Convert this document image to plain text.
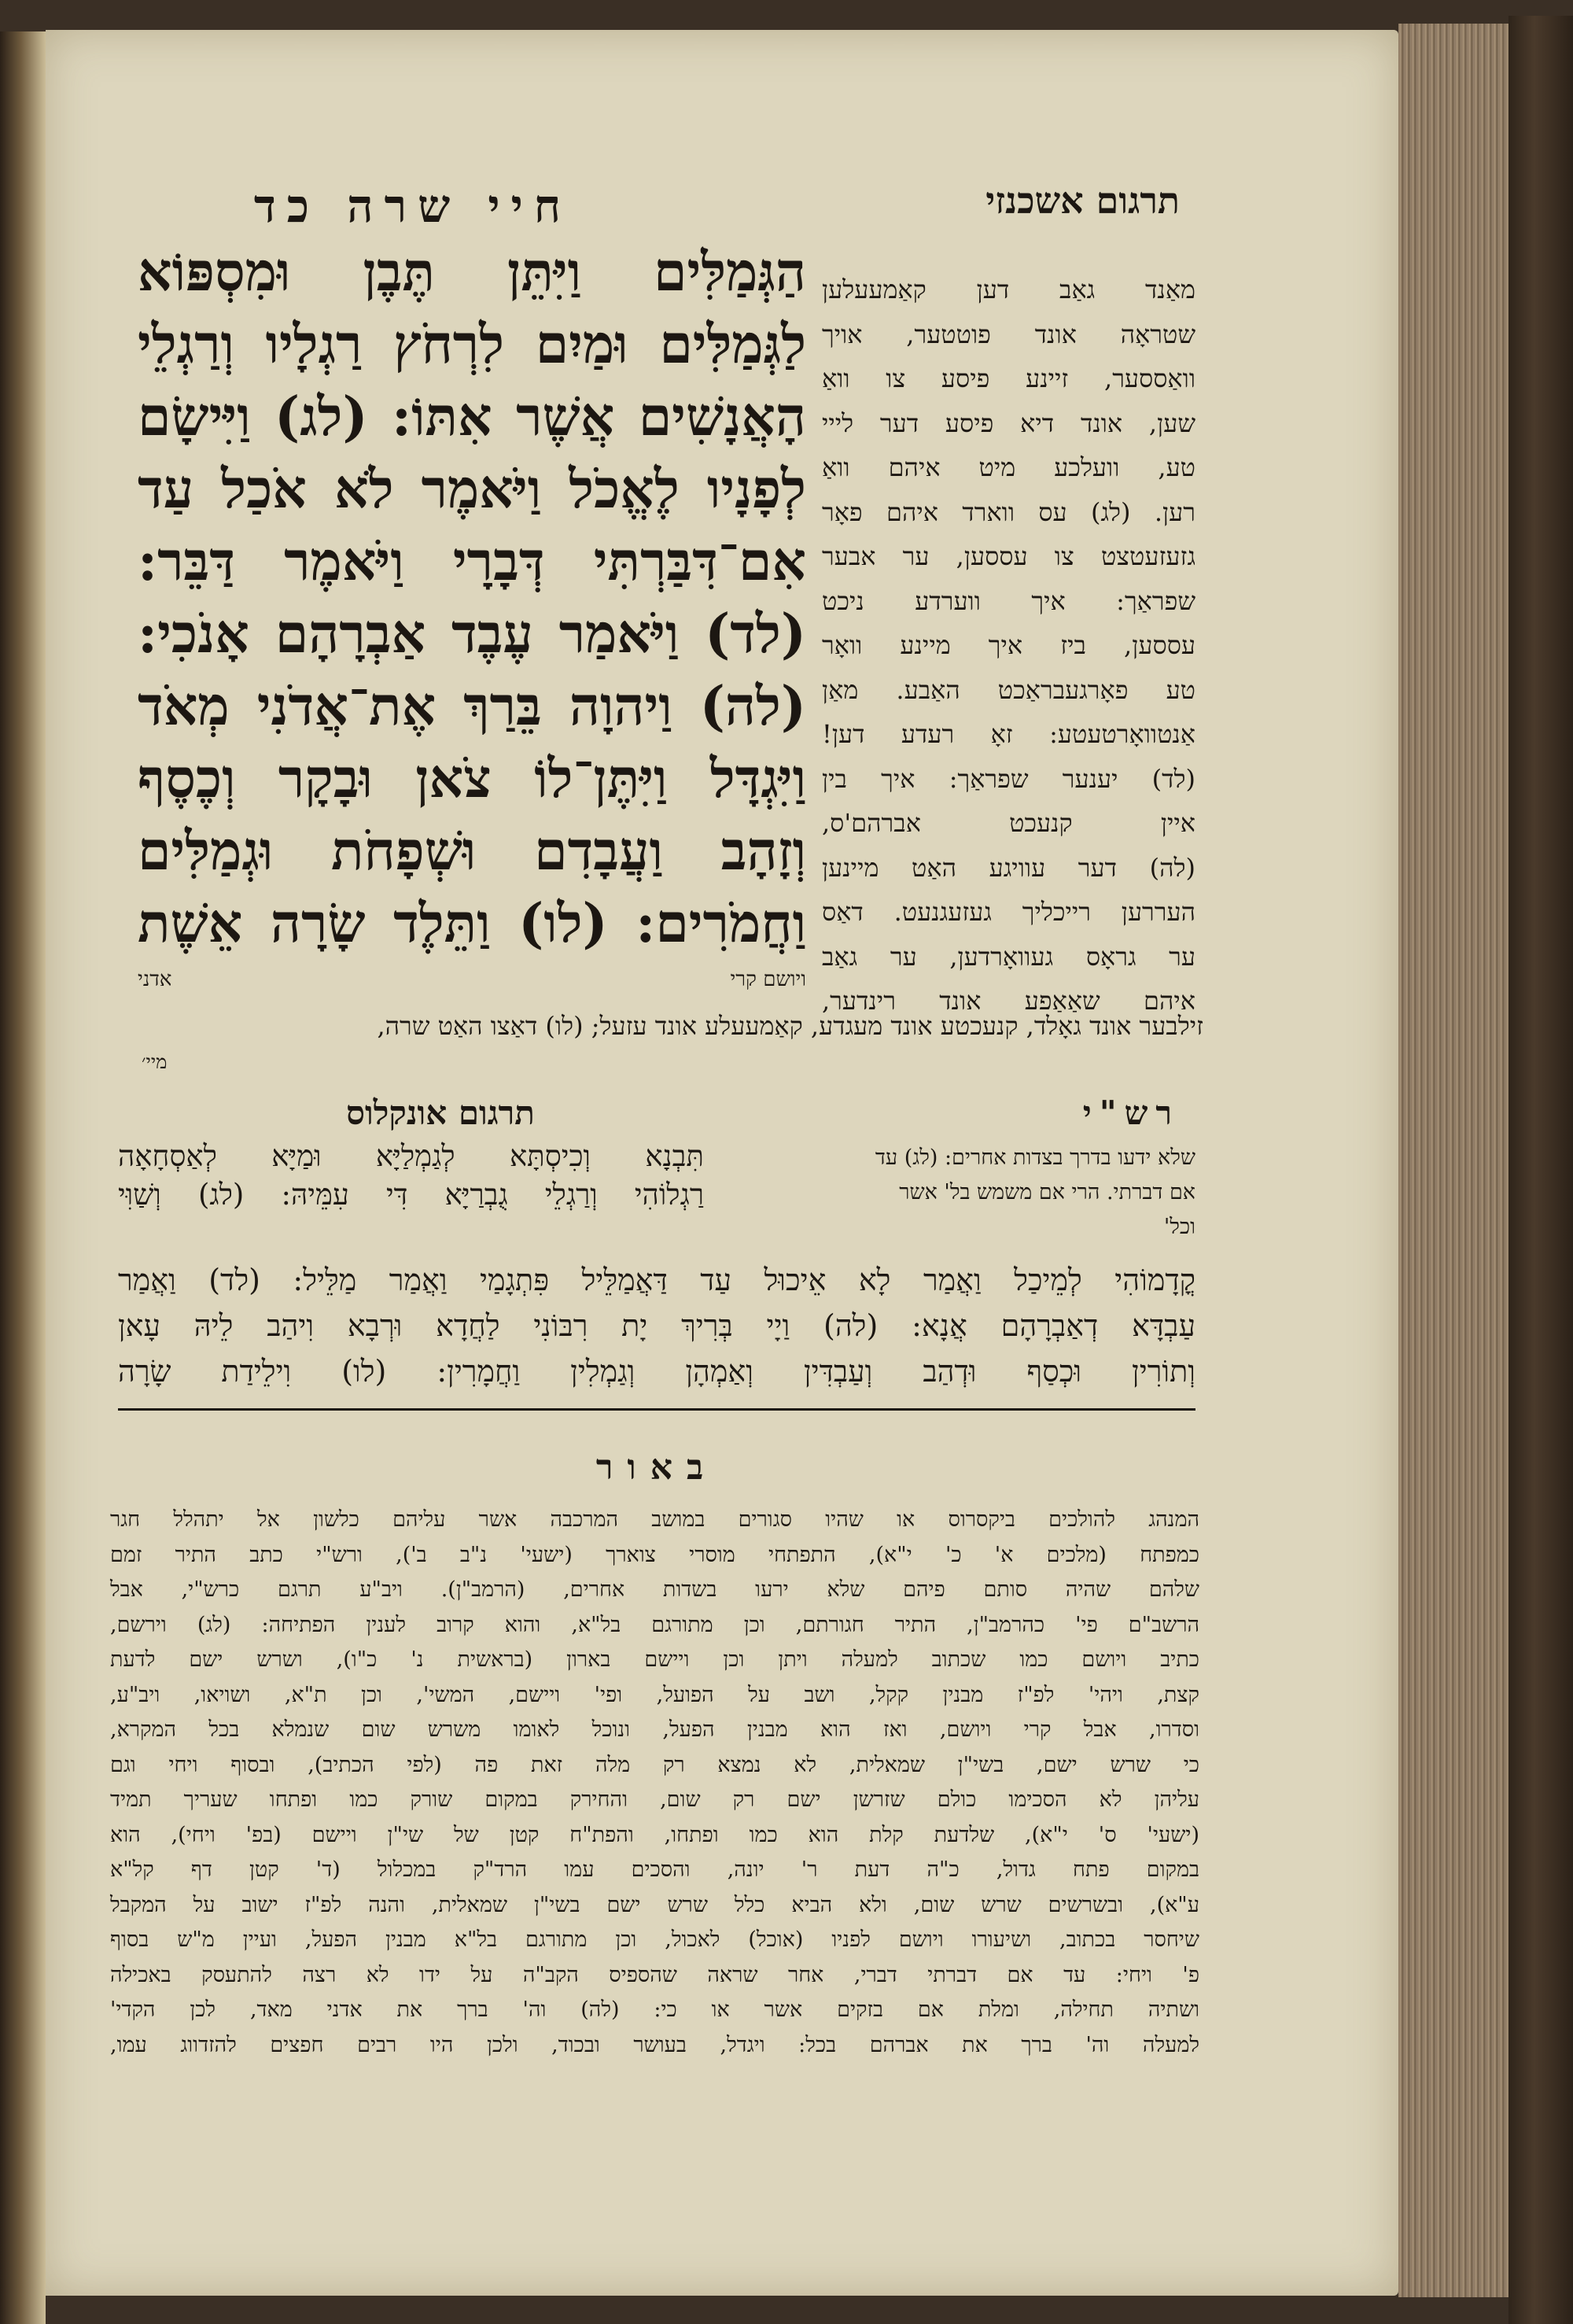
חיי שרה כד	תרגום אשכנזי
הַגְּמַלִּים וַיִּתֵּן תֶּבֶן וּמִסְפּוֹא
לַגְּמַלִּים וּמַיִם לִרְחֹץ רַגְלָיו וְרַגְלֵי
הָאֲנָשִׁים אֲשֶׁר אִתּוֹ: (לג) וַיִּישָׂם
לְפָנָיו לֶאֱכֹל וַיֹּאמֶר לֹא אֹכַל עַד
אִם־דִּבַּרְתִּי דְּבָרָי וַיֹּאמֶר דַּבֵּר:
(לד) וַיֹּאמַר עֶבֶד אַבְרָהָם אָנֹכִי:
(לה) וַיהוָה בֵּרַךְ אֶת־אֲדֹנִי מְאֹד
וַיִּגְדָּל וַיִּתֶּן־לוֹ צֹאן וּבָקָר וְכֶסֶף
וְזָהָב וַעֲבָדִם וּשְׁפָחֹת וּגְמַלִּים
וַחֲמֹרִים: (לו) וַתֵּלֶד שָׂרָה אֵשֶׁת
ויושם קרי
אדני
מאַנד גאַב דען קאַמעעלען
שטראָה אונד פוטטער, אויך
וואַססער, זיינע פיסע צו וואַ
שען, אונד דיא פיסע דער לייי
טע, וועלכע מיט איהם וואַ
רען. (לג) עס ווארד איהם פאָר
גזעזעטצט צו עססען, ער אבער
שפראַך: איך ווערדע ניכט
עססען, ביז איך מיינע וואָר
טע פאָרגעבראַכט האַבע. מאַן
אַנטוואָרטעטע: זאָ רעדע דען!
(לד) יענער שפראַך: איך בין
איין קנעכט אברהם'ס,
(לה) דער עוויגע האַט מיינען
העררען רייכליך געזעגנעט. דאַס
ער גראָס געוואָרדען, ער גאַב
איהם שאַאַפע אונד רינדער,
זילבער אונד גאָלד, קנעכטע אונד מעגדע, קאַמעעלע אונד עזעל; (לו) דאַצו האַט שרה,
מיי׳
רש"י
תרגום אונקלוס
שלא ידעו בדרך בצדות אחרים: (לג) עד
אם דברתי. הרי אם משמש בל' אשר
וכל'
תִּבְנָא וְכִיסְתָּא לְגַמְלַיָּא וּמַיָּא לְאַסְחָאָה
רַגְלוֹהִי וְרַגְלֵי גֻבְרַיָּא דִּי עִמֵּיהּ: (לג) וְשַׁוִּי
קֳדָמוֹהִי לְמֵיכַל וַאֲמַר לָא אֵיכוּל עַד דַּאֲמַלֵּיל פִּתְגָמַי וַאֲמַר מַלֵּיל: (לד) וַאֲמַר
עַבְדָּא דְאַבְרָהָם אֲנָא: (לה) וַיָי בְּרִיךְ יָת רִבּוֹנִי לַחֲדָא וּרְבָא וִיהַב לֵיהּ עָאן
וְתוֹרִין וּכְסַף וּדְהַב וְעַבְדִּין וְאַמְהָן וְגַמְלִין וַחֲמָרִין: (לו) וִילֵידַת שָׂרָה
באור
המנהג להולכים ביקסרוס או שהיו סגורים במושב המרכבה אשר עליהם כלשון אל יתהלל חגר
כמפתח (מלכים א' כ' י"א), התפתחי מוסרי צוארך (ישעי' נ"ב ב'), ורש"י כתב התיר זמם
שלהם שהיה סותם פיהם שלא ירעו בשדות אחרים, (הרמב"ן). ויב"ע תרגם כרש"י, אבל
הרשב"ם פי' כהרמב"ן, התיר חגורתם, וכן מתורגם בל"א, והוא קרוב לענין הפתיחה: (לג) וירשם,
כתיב ויושם כמו שכתוב למעלה ויתן וכן ויישם בארון (בראשית נ' כ"ו), ושרש ישם לדעת
קצת, ויהי' לפ"ז מבנין קקל, ושב על הפועל, ופי' ויישם, המשי', וכן ת"א, ושויאו, ויב"ע,
וסדרו, אבל קרי ויושם, ואז הוא מבנין הפעל, ונוכל לאומו משרש שום שנמלא בכל המקרא,
כי שרש ישם, בשי"ן שמאלית, לא נמצא רק מלה זאת פה (לפי הכתיב), ובסוף ויחי וגם
עליהן לא הסכימו כולם שזרשן ישם רק שום, והחירק במקום שורק כמו ופתחו שעריך תמיד
(ישעי' ס' י"א), שלדעת קלת הוא כמו ופתחו, והפת"ח קטן של שי"ן ויישם (בפ' ויחי), הוא
במקום פתח גדול, כ"ה דעת ר' יונה, והסכים עמו הרד"ק במכלול (ד' קטן דף קל"א
ע"א), ובשרשים שרש שום, ולא הביא כלל שרש ישם בשי"ן שמאלית, והנה לפ"ז ישוב על המקבל
שיחסר בכתוב, ושיעורו ויושם לפניו (אוכל) לאכול, וכן מתורגם בל"א מבנין הפעל, ועיין מ"ש בסוף
פ' ויחי: עד אם דברתי דברי, אחר שראה שהספיס הקב"ה על ידו לא רצה להתעסק באכילה
ושתיה תחילה, ומלת אם בזקים אשר או כי: (לה) וה' ברך את אדני מאד, לכן הקדי'
למעלה וה' ברך את אברהם בכל: ויגדל, בעושר ובכוד, ולכן היו רבים חפצים להזדווג עמו,
